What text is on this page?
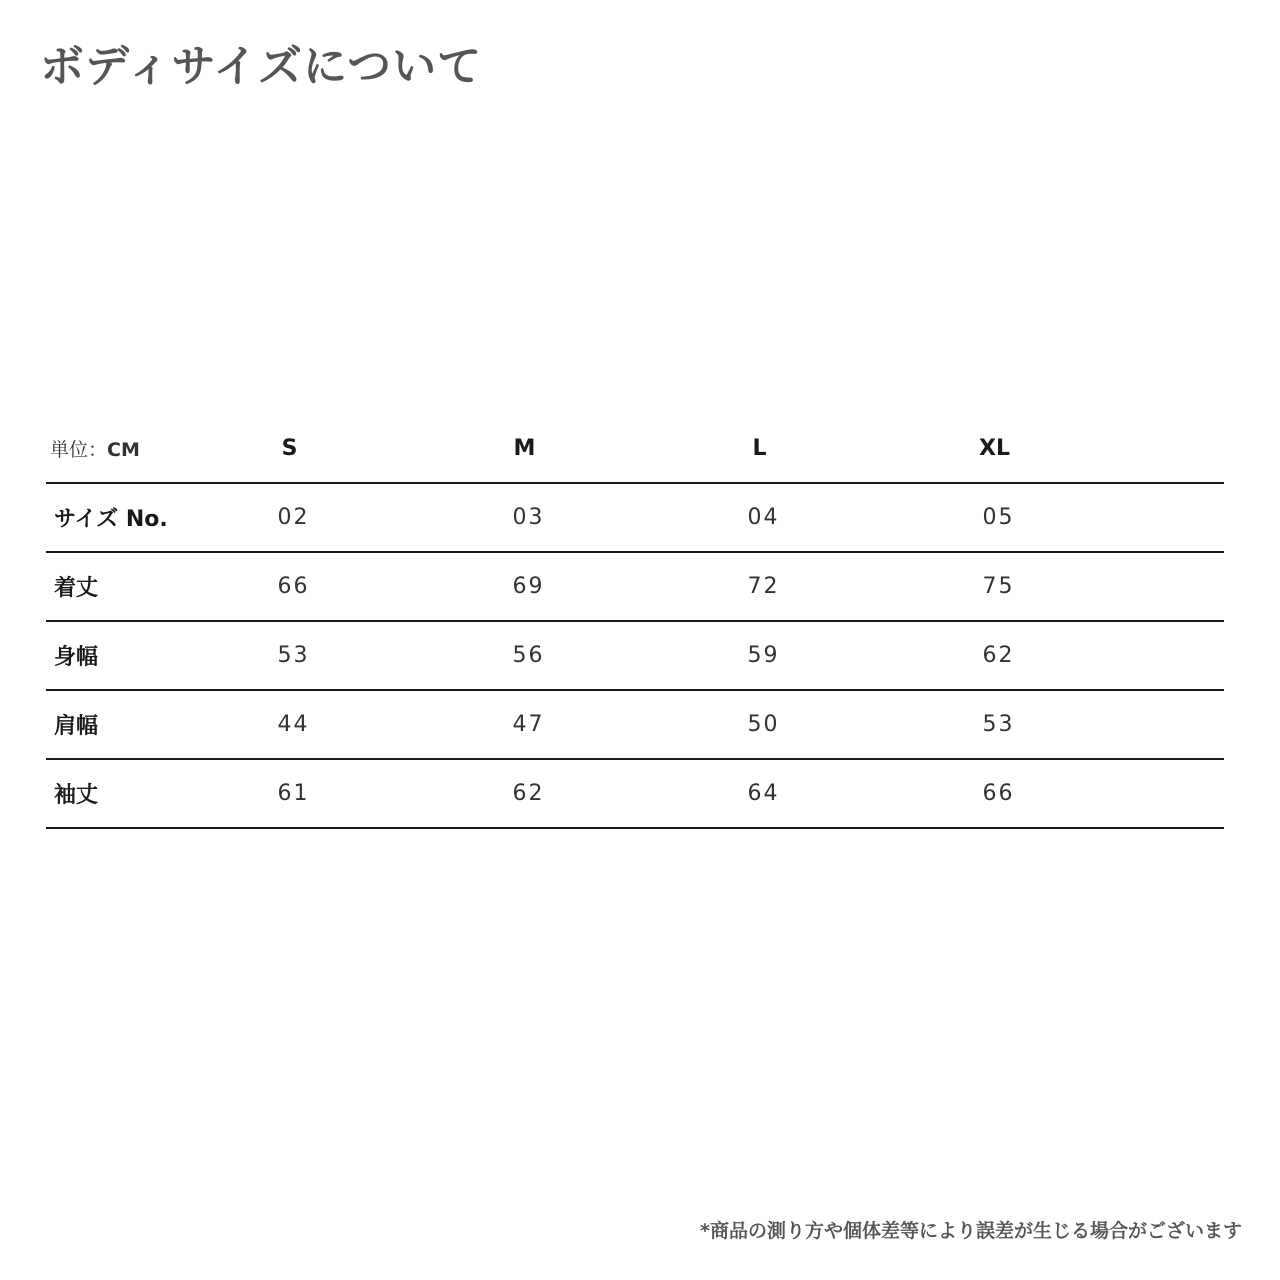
ボディサイズについて
単位：CM	S	M	L	XL
サイズ No.	02	03	04	05
着丈	66	69	72	75
身幅	53	56	59	62
肩幅	44	47	50	53
袖丈	61	62	64	66
*商品の測り方や個体差等により誤差が生じる場合がございます
